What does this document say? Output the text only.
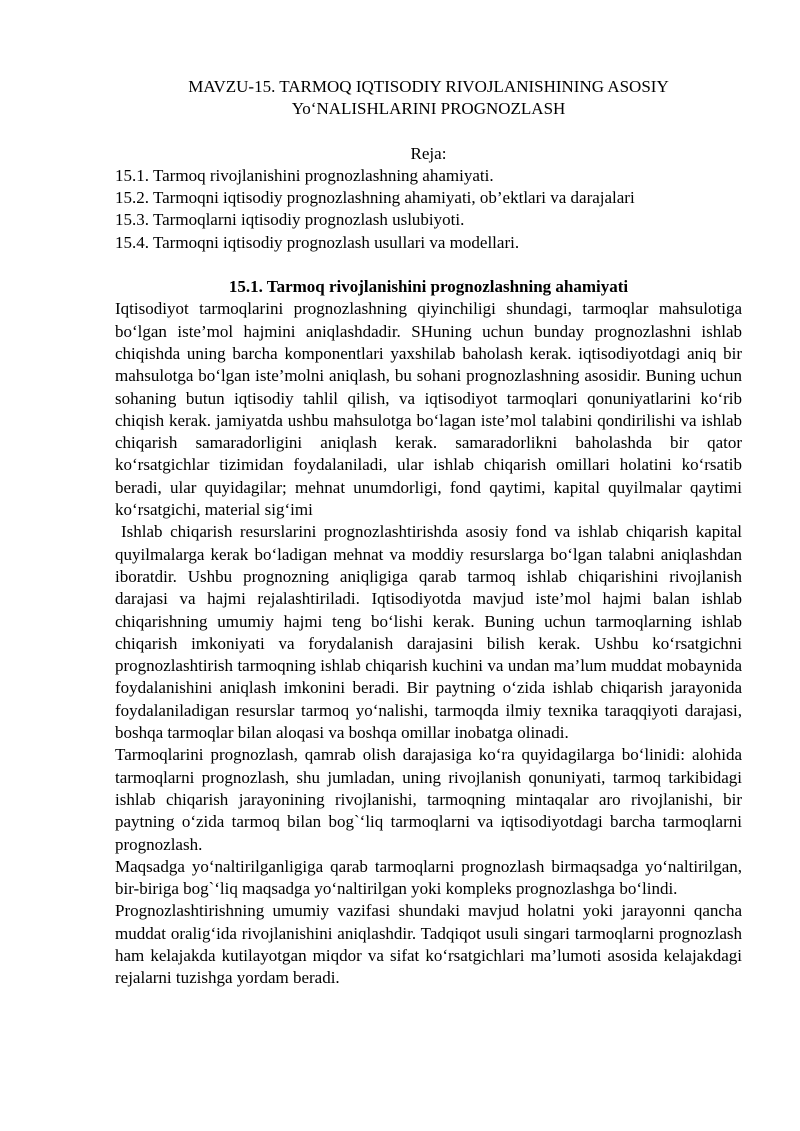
MAVZU-15. TARMOQ IQTISODIY RIVOJLANISHINING ASOSIY
Yo‘NALISHLARINI PROGNOZLASH
Reja:
15.1. Tarmoq rivojlanishini prognozlashning ahamiyati.
15.2. Tarmoqni iqtisodiy prognozlashning ahamiyati, ob’ektlari va darajalari
15.3. Tarmoqlarni iqtisodiy prognozlash uslubiyoti.
15.4. Tarmoqni iqtisodiy prognozlash usullari va modellari.
15.1. Tarmoq rivojlanishini prognozlashning ahamiyati

Iqtisodiyot tarmoqlarini prognozlashning qiyinchiligi shundagi, tarmoqlar mahsulotiga bo‘lgan iste’mol hajmini aniqlashdadir. SHuning uchun bunday prognozlashni ishlab chiqishda uning barcha komponentlari yaxshilab baholash kerak. iqtisodiyotdagi aniq bir mahsulotga bo‘lgan iste’molni aniqlash, bu sohani prognozlashning asosidir. Buning uchun sohaning butun iqtisodiy tahlil qilish, va iqtisodiyot tarmoqlari qonuniyatlarini ko‘rib chiqish kerak. jamiyatda ushbu mahsulotga bo‘lagan iste’mol talabini qondirilishi va ishlab chiqarish samaradorligini aniqlash kerak. samaradorlikni baholashda bir qator ko‘rsatgichlar tizimidan foydalaniladi, ular ishlab chiqarish omillari holatini ko‘rsatib beradi, ular quyidagilar; mehnat unumdorligi, fond qaytimi, kapital quyilmalar qaytimi ko‘rsatgichi, material sig‘imi

Ishlab chiqarish resurslarini prognozlashtirishda asosiy fond va ishlab chiqarish kapital quyilmalarga kerak bo‘ladigan mehnat va moddiy resurslarga bo‘lgan talabni aniqlashdan iboratdir. Ushbu prognozning aniqligiga qarab tarmoq ishlab chiqarishini rivojlanish darajasi va hajmi rejalashtiriladi. Iqtisodiyotda mavjud iste’mol hajmi balan ishlab chiqarishning umumiy hajmi teng bo‘lishi kerak. Buning uchun tarmoqlarning ishlab chiqarish imkoniyati va forydalanish darajasini bilish kerak. Ushbu ko‘rsatgichni prognozlashtirish tarmoqning ishlab chiqarish kuchini va undan ma’lum muddat mobaynida foydalanishini aniqlash imkonini beradi. Bir paytning o‘zida ishlab chiqarish jarayonida foydalaniladigan resurslar tarmoq yo‘nalishi, tarmoqda ilmiy texnika taraqqiyoti darajasi, boshqa tarmoqlar bilan aloqasi va boshqa omillar inobatga olinadi.

Tarmoqlarini prognozlash, qamrab olish darajasiga ko‘ra quyidagilarga bo‘linidi: alohida tarmoqlarni prognozlash, shu jumladan, uning rivojlanish qonuniyati, tarmoq tarkibidagi ishlab chiqarish jarayonining rivojlanishi, tarmoqning mintaqalar aro rivojlanishi, bir paytning o‘zida tarmoq bilan bog`‘liq tarmoqlarni va iqtisodiyotdagi barcha tarmoqlarni prognozlash.

Maqsadga yo‘naltirilganligiga qarab tarmoqlarni prognozlash birmaqsadga yo‘naltirilgan, bir-biriga bog`‘liq maqsadga yo‘naltirilgan yoki kompleks prognozlashga bo‘lindi.

Prognozlashtirishning umumiy vazifasi shundaki mavjud holatni yoki jarayonni qancha muddat oralig‘ida rivojlanishini aniqlashdir. Tadqiqot usuli singari tarmoqlarni prognozlash ham kelajakda kutilayotgan miqdor va sifat ko‘rsatgichlari ma’lumoti asosida kelajakdagi rejalarni tuzishga yordam beradi.
